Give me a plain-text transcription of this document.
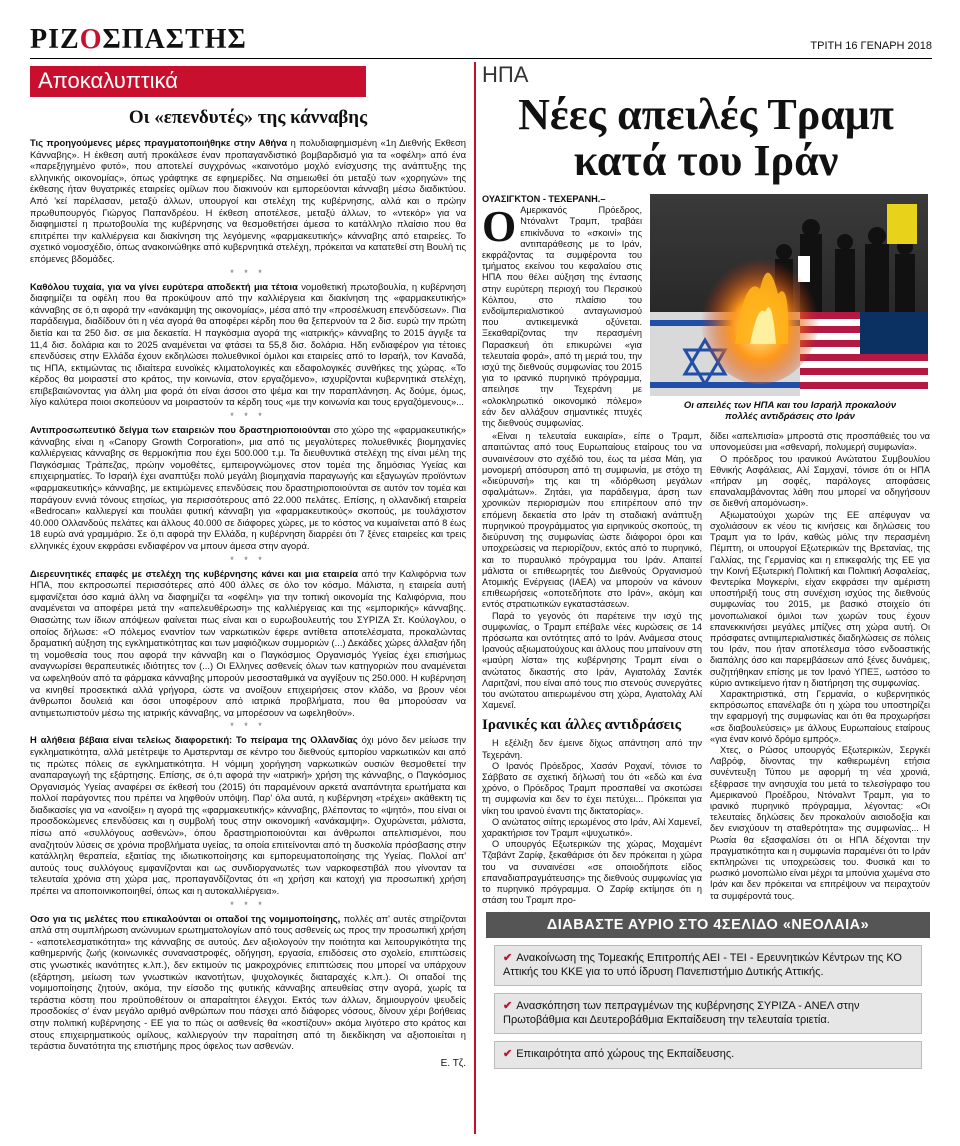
ΡΙΖΟΣΠΑΣΤΗΣ	ΤΡΙΤΗ 16 ΓΕΝΑΡΗ 2018
Αποκαλυπτικά
Οι «επενδυτές» της κάνναβης

Τις προηγούμενες μέρες πραγματοποιήθηκε στην Αθήνα η πολυδιαφημισμένη «1η Διεθνής Εκθεση Κάνναβης». Η έκθεση αυτή προκάλεσε έναν προπαγανδιστικό βομβαρδισμό για τα «οφέλη» από ένα «παρεξηγημένο φυτό», που αποτελεί συγχρόνως «καινοτόμο μοχλό ενίσχυσης της ανάπτυξης της ελληνικής οικονομίας», όπως γράφτηκε σε εφημερίδες. Να σημειωθεί ότι μεταξύ των «χορηγών» της έκθεσης ήταν θυγατρικές εταιρείες ομίλων που διακινούν και εμπορεύονται κάνναβη μέσω διαδικτύου. Από 'κεί παρέλασαν, μεταξύ άλλων, υπουργοί και στελέχη της κυβέρνησης, αλλά και ο πρώην πρωθυπουργός Γιώργος Παπανδρέου. Η έκθεση αποτέλεσε, μεταξύ άλλων, το «ντεκόρ» για να διαφημιστεί η πρωτοβουλία της κυβέρνησης να θεσμοθετήσει άμεσα το κατάλληλο πλαίσιο που θα επιτρέπει την καλλιέργεια και διακίνηση της λεγόμενης «φαρμακευτικής» κάνναβης από εταιρείες. Το σχετικό νομοσχέδιο, όπως ανακοινώθηκε από κυβερνητικά στελέχη, πρόκειται να κατατεθεί στη Βουλή τις επόμενες βδομάδες.

* * *

Καθόλου τυχαία, για να γίνει ευρύτερα αποδεκτή μια τέτοια νομοθετική πρωτοβουλία, η κυβέρνηση διαφημίζει τα οφέλη που θα προκύψουν από την καλλιέργεια και διακίνηση της «φαρμακευτικής» κάνναβης σε ό,τι αφορά την «ανάκαμψη της οικονομίας», μέσα από την «προσέλκυση επενδύσεων». Πια παράδειγμα, διαδίδουν ότι η νέα αγορά θα αποφέρει κέρδη που θα ξεπερνούν τα 2 δισ. ευρώ την πρώτη διετία και τα 250 δισ. σε μια δεκαετία. Η παγκόσμια αγορά της «ιατρικής» κάνναβης το 2015 άγγιξε τα 11,4 δισ. δολάρια και το 2025 αναμένεται να φτάσει τα 55,8 δισ. δολάρια. Ηδη ενδιαφέρον για τέτοιες επενδύσεις στην Ελλάδα έχουν εκδηλώσει πολυεθνικοί όμιλοι και εταιρείες από το Ισραήλ, τον Καναδά, τις ΗΠΑ, εκτιμώντας τις ιδιαίτερα ευνοϊκές κλιματολογικές και εδαφολογικές συνθήκες της χώρας. «Το κέρδος θα μοιραστεί στο κράτος, την κοινωνία, στον εργαζόμενο», ισχυρίζονται κυβερνητικά στελέχη, επιβεβαιώνοντας για άλλη μια φορά ότι είναι άσσοι στο ψέμα και την παραπλάνηση. Ας δούμε, όμως, λίγο καλύτερα ποιοι σκοπεύουν να μοιραστούν τα κέρδη τους «με την κοινωνία και τους εργαζόμενους»...

* * *

Αντιπροσωπευτικό δείγμα των εταιρειών που δραστηριοποιούνται στο χώρο της «φαρμακευτικής» κάνναβης είναι η «Canopy Growth Corporation», μια από τις μεγαλύτερες πολυεθνικές βιομηχανίες καλλιέργειας κάνναβης σε θερμοκήπια που έχει 500.000 τ.μ. Τα διευθυντικά στελέχη της είναι μέλη της Παγκόσμιας Τράπεζας, πρώην νομοθέτες, εμπειρογνώμονες στον τομέα της δημόσιας Υγείας και επιχειρηματίες. Το Ισραήλ έχει αναπτύξει πολύ μεγάλη βιομηχανία παραγωγής και εξαγωγών προϊόντων «φαρμακευτικής» κάνναβης, με εκτιμώμενες επενδύσεις που δραστηριοποιούνται σε αυτόν τον τομέα και παράγουν εννιά τόνους ετησίως, για περισσότερους από 22.000 πελάτες. Επίσης, η ολλανδική εταιρεία «Bedrocan» καλλιεργεί και πουλάει φυτική κάνναβη για «φαρμακευτικούς» σκοπούς, με τουλάχιστον 40.000 Ολλανδούς πελάτες και άλλους 40.000 σε διάφορες χώρες, με το κόστος να κυμαίνεται από 8 έως 18 ευρώ ανά γραμμάριο. Σε ό,τι αφορά την Ελλάδα, η κυβέρνηση διαρρέει ότι 7 ξένες εταιρείες και τρεις ελληνικές έχουν εκφράσει ενδιαφέρον να μπουν άμεσα στην αγορά.

* * *

Διερευνητικές επαφές με στελέχη της κυβέρνησης κάνει και μια εταιρεία από την Καλιφόρνια των ΗΠΑ, που εκπροσωπεί περισσότερες από 400 άλλες σε όλο τον κόσμο. Μάλιστα, η εταιρεία αυτή εμφανίζεται όσο καμιά άλλη να διαφημίζει τα «οφέλη» για την τοπική οικονομία της Καλιφόρνια, που αναμένεται να αποφέρει μετά την «απελευθέρωση» της καλλιέργειας και της «εμπορικής» κάνναβης. Θιασώτης των ίδιων απόψεων φαίνεται πως είναι και ο ευρωβουλευτής του ΣΥΡΙΖΑ Στ. Κούλογλου, ο οποίος δήλωσε: «Ο πόλεμος εναντίον των ναρκωτικών έφερε αντίθετα αποτελέσματα, προκαλώντας δραματική αύξηση της εγκληματικότητας και των μαφιόζικων συμμοριών (...) Δεκάδες χώρες άλλαξαν ήδη τη νομοθεσία τους που αφορά την κάνναβη και ο Παγκόσμιος Οργανισμός Υγείας έχει επισήμως αναγνωρίσει θεραπευτικές ιδιότητες τον (...) Οι Ελληνες ασθενείς όλων των κατηγοριών που αναμένεται να ωφεληθούν από τα φάρμακα κάνναβης μπορούν μεσοσταθμικά να αγγίξουν τις 250.000. Η κυβέρνηση να κινηθεί προσεκτικά αλλά γρήγορα, ώστε να ανοίξουν επιχειρήσεις στον κλάδο, να βρουν νέοι άνθρωποι δουλειά και όσοι υποφέρουν από ιατρικά προβλήματα, που θα μπορούσαν να αντιμετωπιστούν μέσω της ιατρικής κάνναβης, να μπορέσουν να ωφεληθούν».

* * *

Η αλήθεια βέβαια είναι τελείως διαφορετική: Το πείραμα της Ολλανδίας όχι μόνο δεν μείωσε την εγκληματικότητα, αλλά μετέτρεψε το Αμστερνταμ σε κέντρο του διεθνούς εμπορίου ναρκωτικών και από τις πρώτες πόλεις σε εγκληματικότητα. Η νόμιμη χορήγηση ναρκωτικών ουσιών θεσμοθετεί την αναπαραγωγή της εξάρτησης. Επίσης, σε ό,τι αφορά την «ιατρική» χρήση της κάνναβης, ο Παγκόσμιος Οργανισμός Υγείας αναφέρει σε έκθεσή του (2015) ότι παραμένουν αρκετά αναπάντητα ερωτήματα και πολλοί παράγοντες που πρέπει να ληφθούν υπόψη. Παρ' όλα αυτά, η κυβέρνηση «τρέχει» ακάθεκτη τις διαδικασίες για να «ανοίξει» η αγορά της «φαρμακευτικής» κάνναβης, βλέποντας το «ψητό», που είναι οι προσδοκώμενες επενδύσεις και η συμβολή τους στην οικονομική «ανάκαμψη». Οχυρώνεται, μάλιστα, πίσω από «συλλόγους ασθενών», όπου δραστηριοποιούνται και άνθρωποι απελπισμένοι, που αναζητούν λύσεις σε χρόνια προβλήματα υγείας, τα οποία επιτείνονται από τη δυσκολία πρόσβασης στην κατάλληλη θεραπεία, εξαιτίας της ιδιωτικοποίησης και εμπορευματοποίησης της Υγείας. Πολλοί απ' αυτούς τους συλλόγους εμφανίζονται και ως συνδιοργανωτές των ναρκοφεστιβάλ που γίνονταν τα τελευταία χρόνια στη χώρα μας, προπαγανδίζοντας ότι «η χρήση και κατοχή για προσωπική χρήση πρέπει να αποποινικοποιηθεί, όπως και η αυτοκαλλιέργεια».

* * *

Οσο για τις μελέτες που επικαλούνται οι οπαδοί της νομιμοποίησης, πολλές απ' αυτές στηρίζονται απλά στη συμπλήρωση ανώνυμων ερωτηματολογίων από τους ασθενείς ως προς την προσωπική χρήση - «αποτελεσματικότητα» της κάνναβης σε αυτούς. Δεν αξιολογούν την ποιότητα και λειτουργικότητα της καθημερινής ζωής (κοινωνικές συναναστροφές, οδήγηση, εργασία, επιδόσεις στο σχολείο, επιπτώσεις στις γνωστικές ικανότητες κ.λπ.), δεν εκτιμούν τις μακροχρόνιες επιπτώσεις που μπορεί να υπάρχουν (εξάρτηση, μείωση των γνωστικών ικανοτήτων, ψυχολογικές διαταραχές κ.λπ.). Οι οπαδοί της νομιμοποίησης ζητούν, ακόμα, την είσοδο της φυτικής κάνναβης απευθείας στην αγορά, χωρίς τα τεράστια κόστη που προϋποθέτουν οι απαραίτητοι έλεγχοι. Εκτός των άλλων, δημιουργούν ψευδείς προσδοκίες σ' έναν μεγάλο αριθμό ανθρώπων που πάσχει από διάφορες νόσους, δίνουν χέρι βοήθειας στην πολιτική κυβέρνησης - ΕΕ για το πώς οι ασθενείς θα «κοστίζουν» ακόμα λιγότερο στο κράτος και στους επιχειρηματικούς ομίλους, καλλιεργούν την παραίτηση από τη διεκδίκηση να αξιοποιείται η τεράστια δυνατότητα της επιστήμης προς όφελος των ασθενών.

Ε. Τζ.
ΗΠΑ
Νέες απειλές Τραμπ
κατά του Ιράν

ΟΥΑΣΙΓΚΤΟΝ - ΤΕΧΕΡΑΝΗ.–

Ο Αμερικανός Πρόεδρος, Ντόναλντ Τραμπ, τραβάει επικίνδυνα το «σκοινί» της αντιπαράθεσης με το Ιράν, εκφράζοντας τα συμφέροντα του τμήματος εκείνου του κεφαλαίου στις ΗΠΑ που θέλει αύξηση της έντασης στην ευρύτερη περιοχή του Περσικού Κόλπου, στο πλαίσιο του ενδοϊμπεριαλιστικού ανταγωνισμού που αντικειμενικά οξύνεται. Ξεκαθαρίζοντας την περασμένη Παρασκευή ότι επικυρώνει «για τελευταία φορά», από τη μεριά του, την ισχύ της διεθνούς συμφωνίας του 2015 για το ιρανικό πυρηνικό πρόγραμμα, απειλησε την Τεχεράνη με «ολοκληρωτικό οικονομικό πόλεμο» εάν δεν αλλάξουν σημαντικές πτυχές της διεθνούς συμφωνίας.

Οι απειλές των ΗΠΑ και του Ισραήλ προκαλούν
πολλές αντιδράσεις στο Ιράν

«Είναι η τελευταία ευκαιρία», είπε ο Τραμπ, απαιτώντας από τους Ευρωπαίους εταίρους του να συναινέσουν στο σχέδιό του, έως τα μέσα Μάη, για μονομερή απόσυρση από τη συμφωνία, με στόχο τη «διεύρυνσή» της και τη «διόρθωση μεγάλων σφαλμάτων». Ζητάει, για παράδειγμα, άρση των χρονικών περιορισμών που επιτρέπουν από την επόμενη δεκαετία στο Ιράν τη σταδιακή ανάπτυξη πυρηνικού προγράμματος για ειρηνικούς σκοπούς, τη διεύρυνση της συμφωνίας ώστε διάφοροι όροι και υποχρεώσεις να περιορίζουν, εκτός από το πυρηνικό, και το πυραυλικό πρόγραμμα του Ιράν. Απαιτεί μάλιστα οι επιθεωρητές του Διεθνούς Οργανισμού Ατομικής Ενέργειας (ΙΑΕΑ) να μπορούν να κάνουν επιθεωρήσεις «οποτεδήποτε στο Ιράν», ακόμη και εντός στρατιωτικών εγκαταστάσεων.

Παρά το γεγονός ότι παρέτεινε την ισχύ της συμφωνίας, ο Τραμπ επέβαλε νέες κυρώσεις σε 14 πρόσωπα και οντότητες από το Ιράν. Ανάμεσα στους Ιρανούς αξιωματούχους και άλλους που μπαίνουν στη «μαύρη λίστα» της κυβέρνησης Τραμπ είναι ο ανώτατος δικαστής στο Ιράν, Αγιατολάχ Σαντέκ Λαριτζανί, που είναι από τους πιο στενούς συνεργάτες του ανώτατου αιτιερωμένου στη χώρα, Αγιατολάχ Αλί Χαμενεΐ.

Ιρανικές και άλλες αντιδράσεις

Η εξέλιξη δεν έμεινε δίχως απάντηση από την Τεχεράνη.

Ο Ιρανός Πρόεδρος, Χασάν Ροχανί, τόνισε το Σάββατο σε σχετική δήλωσή του ότι «εδώ και ένα χρόνο, ο Πρόεδρος Τραμπ προσπαθεί να σκοτώσει τη συμφωνία και δεν το έχει πετύχει... Πρόκειται για νίκη του ιρανού έναντι της δικτατορίας».

Ο ανώτατος σιίτης ιερωμένος στο Ιράν, Αλί Χαμενεΐ, χαρακτήρισε τον Τραμπ «ψυχωτικό».

Ο υπουργός Εξωτερικών της χώρας, Μοχαμέντ Τζαβάντ Ζαρίφ, ξεκαθάρισε ότι δεν πρόκειται η χώρα του να συναινέσει «σε οποιοδήποτε είδος επαναδιαπραγμάτευσης» της διεθνούς συμφωνίας για το πυρηνικό πρόγραμμα. Ο Ζαρίφ εκτίμησε ότι η στάση του Τραμπ προ-

δίδει «απελπισία» μπροστά στις προσπάθειές του να υπονομεύσει μια «σθεναρή, πολυμερή συμφωνία».

Ο πρόεδρος του ιρανικού Ανώτατου Συμβουλίου Εθνικής Ασφάλειας, Αλί Σαμχανί, τόνισε ότι οι ΗΠΑ «πήραν μη σοφές, παράλογες αποφάσεις επαναλαμβάνοντας λάθη που μπορεί να οδηγήσουν σε διεθνή απομόνωση».

Αξιωματούχοι χωρών της ΕΕ απέφυγαν να σχολιάσουν εκ νέου τις κινήσεις και δηλώσεις του Τραμπ για το Ιράν, καθώς μόλις την περασμένη Πέμπτη, οι υπουργοί Εξωτερικών της Βρετανίας, της Γαλλίας, της Γερμανίας και η επικεφαλής της ΕΕ για την Κοινή Εξωτερική Πολιτική και Πολιτική Ασφαλείας, Φεντερίκα Μογκερίνι, είχαν εκφράσει την αμέριστη υποστήριξή τους στη συνέχιση ισχύος της διεθνούς συμφωνίας του 2015, με βασικό στοιχείο ότι μονοπωλιακοί όμιλοι των χωρών τους έχουν επανεκκινήσει μεγάλες μπίζνες στη χώρα αυτή. Οι πρόσφατες αντιιμπεριαλιστικές διαδηλώσεις σε πόλεις του Ιράν, που ήταν αποτέλεσμα τόσο ενδοαστικής διαπάλης όσο και παρεμβάσεων από ξένες δυνάμεις, συζητήθηκαν επίσης με τον Ιρανό ΥΠΕΞ, ωστόσο το κύριο αντικείμενο ήταν η διατήρηση της συμφωνίας.

Χαρακτηριστικά, στη Γερμανία, ο κυβερνητικός εκπρόσωπος επανέλαβε ότι η χώρα του υποστηρίζει την εφαρμογή της συμφωνίας και ότι θα προχωρήσει «σε διαβουλεύσεις» με άλλους Ευρωπαίους εταίρους «για έναν κοινό δρόμο εμπρός».

Χτες, ο Ρώσος υπουργός Εξωτερικών, Σεργκέι Λαβρόφ, δίνοντας την καθιερωμένη ετήσια συνέντευξη Τύπου με αφορμή τη νέα χρονιά, εξέφρασε την ανησυχία του μετά το τελεσίγραφο του Αμερικανού Προέδρου, Ντόναλντ Τραμπ, για το ιρανικό πυρηνικό πρόγραμμα, λέγοντας: «Οι τελευταίες δηλώσεις δεν προκαλούν αισιοδοξία και δεν ενισχύουν τη σταθερότητα» της συμφωνίας... Η Ρωσία θα εξασφαλίσει ότι οι ΗΠΑ δέχονται την πραγματικότητα και η συμφωνία παραμένει ότι το Ιράν εκπληρώνει τις υποχρεώσεις του. Φυσικά και το ρωσικό μονοπώλιο είναι μέχρι τα μπούνια χωμένα στο Ιράν και δεν πρόκειται να επιτρέψουν να πειραχτούν τα συμφέροντά τους.

ΔΙΑΒΑΣΤΕ ΑΥΡΙΟ ΣΤΟ 4ΣΕΛΙΔΟ «ΝΕΟΛΑΙΑ»
✔ Ανακοίνωση της Τομεακής Επιτροπής ΑΕΙ - ΤΕΙ - Ερευνητικών Κέντρων της ΚΟ Αττικής του ΚΚΕ για το υπό ίδρυση Πανεπιστήμιο Δυτικής Αττικής.
✔ Ανασκόπηση των πεπραγμένων της κυβέρνησης ΣΥΡΙΖΑ - ΑΝΕΛ στην Πρωτοβάθμια και Δευτεροβάθμια Εκπαίδευση την τελευταία τριετία.
✔ Επικαιρότητα από χώρους της Εκπαίδευσης.
